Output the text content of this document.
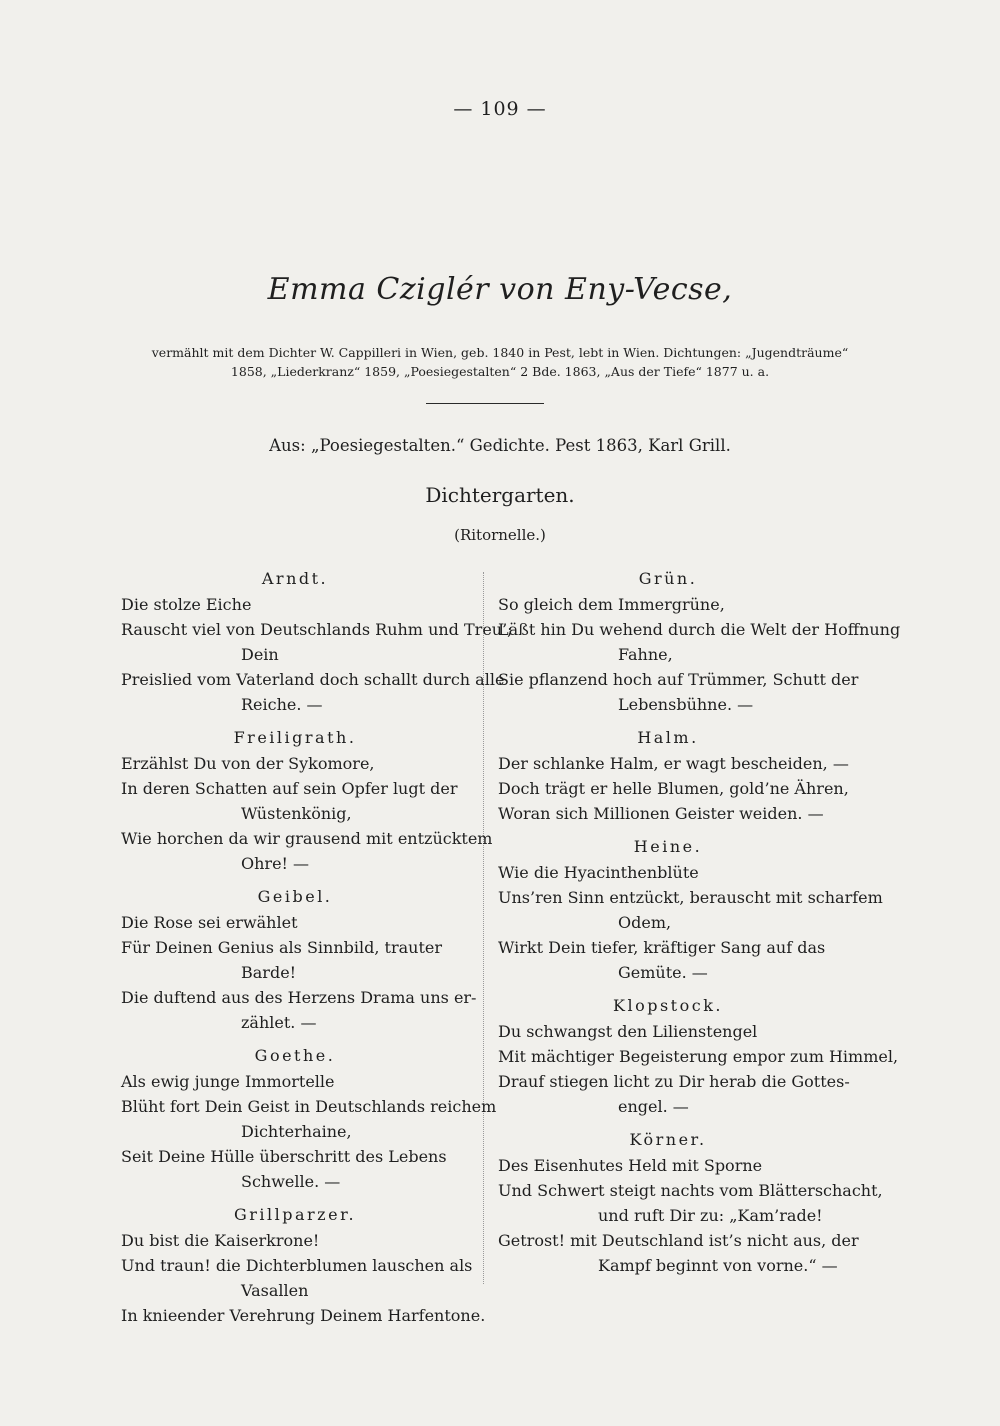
— 109 —
Emma Cziglér von Eny-Vecse,
vermählt mit dem Dichter W. Cappilleri in Wien, geb. 1840 in Pest, lebt in Wien. Dichtungen: „Jugendträume“
1858, „Liederkranz“ 1859, „Poesiegestalten“ 2 Bde. 1863, „Aus der Tiefe“ 1877 u. a.
Aus: „Poesiegestalten.“ Gedichte. Pest 1863, Karl Grill.
Dichtergarten.
(Ritornelle.)
Arndt.
Die stolze Eiche
Rauscht viel von Deutschlands Ruhm und Treu’;
Dein
Preislied vom Vaterland doch schallt durch alle
Reiche. —
Freiligrath.
Erzählst Du von der Sykomore,
In deren Schatten auf sein Opfer lugt der
Wüstenkönig,
Wie horchen da wir grausend mit entzücktem
Ohre! —
Geibel.
Die Rose sei erwählet
Für Deinen Genius als Sinnbild, trauter
Barde!
Die duftend aus des Herzens Drama uns er-
zählet. —
Goethe.
Als ewig junge Immortelle
Blüht fort Dein Geist in Deutschlands reichem
Dichterhaine,
Seit Deine Hülle überschritt des Lebens
Schwelle. —
Grillparzer.
Du bist die Kaiserkrone!
Und traun! die Dichterblumen lauschen als
Vasallen
In knieender Verehrung Deinem Harfentone.
Grün.
So gleich dem Immergrüne,
Läßt hin Du wehend durch die Welt der Hoffnung
Fahne,
Sie pflanzend hoch auf Trümmer, Schutt der
Lebensbühne. —
Halm.
Der schlanke Halm, er wagt bescheiden, —
Doch trägt er helle Blumen, gold’ne Ähren,
Woran sich Millionen Geister weiden. —
Heine.
Wie die Hyacinthenblüte
Uns’ren Sinn entzückt, berauscht mit scharfem
Odem,
Wirkt Dein tiefer, kräftiger Sang auf das
Gemüte. —
Klopstock.
Du schwangst den Lilienstengel
Mit mächtiger Begeisterung empor zum Himmel,
Drauf stiegen licht zu Dir herab die Gottes-
engel. —
Körner.
Des Eisenhutes Held mit Sporne
Und Schwert steigt nachts vom Blätterschacht,
und ruft Dir zu: „Kam’rade!
Getrost! mit Deutschland ist’s nicht aus, der
Kampf beginnt von vorne.“ —
